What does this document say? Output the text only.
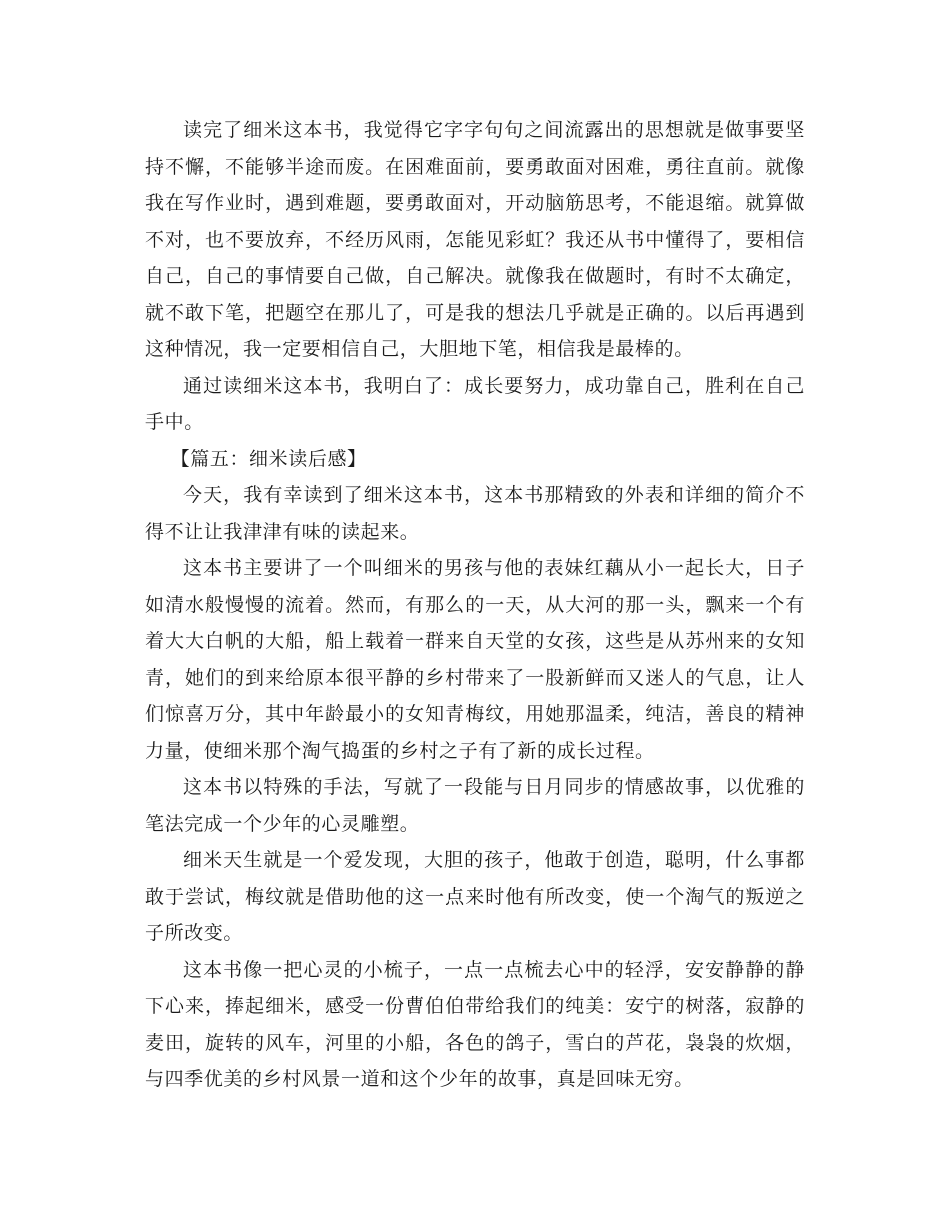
读完了细米这本书，我觉得它字字句句之间流露出的思想就是做事要坚持不懈，不能够半途而废。在困难面前，要勇敢面对困难，勇往直前。就像我在写作业时，遇到难题，要勇敢面对，开动脑筋思考，不能退缩。就算做不对，也不要放弃，不经历风雨，怎能见彩虹？我还从书中懂得了，要相信自己，自己的事情要自己做，自己解决。就像我在做题时，有时不太确定，就不敢下笔，把题空在那儿了，可是我的想法几乎就是正确的。以后再遇到这种情况，我一定要相信自己，大胆地下笔，相信我是最棒的。

通过读细米这本书，我明白了：成长要努力，成功靠自己，胜利在自己手中。

【篇五：细米读后感】

今天，我有幸读到了细米这本书，这本书那精致的外表和详细的简介不得不让让我津津有味的读起来。

这本书主要讲了一个叫细米的男孩与他的表妹红藕从小一起长大，日子如清水般慢慢的流着。然而，有那么的一天，从大河的那一头，飘来一个有着大大白帆的大船，船上载着一群来自天堂的女孩，这些是从苏州来的女知青，她们的到来给原本很平静的乡村带来了一股新鲜而又迷人的气息，让人们惊喜万分，其中年龄最小的女知青梅纹，用她那温柔，纯洁，善良的精神力量，使细米那个淘气捣蛋的乡村之子有了新的成长过程。

这本书以特殊的手法，写就了一段能与日月同步的情感故事，以优雅的笔法完成一个少年的心灵雕塑。

细米天生就是一个爱发现，大胆的孩子，他敢于创造，聪明，什么事都敢于尝试，梅纹就是借助他的这一点来时他有所改变，使一个淘气的叛逆之子所改变。

这本书像一把心灵的小梳子，一点一点梳去心中的轻浮，安安静静的静下心来，捧起细米，感受一份曹伯伯带给我们的纯美：安宁的树落，寂静的麦田，旋转的风车，河里的小船，各色的鸽子，雪白的芦花，袅袅的炊烟，与四季优美的乡村风景一道和这个少年的故事，真是回味无穷。
